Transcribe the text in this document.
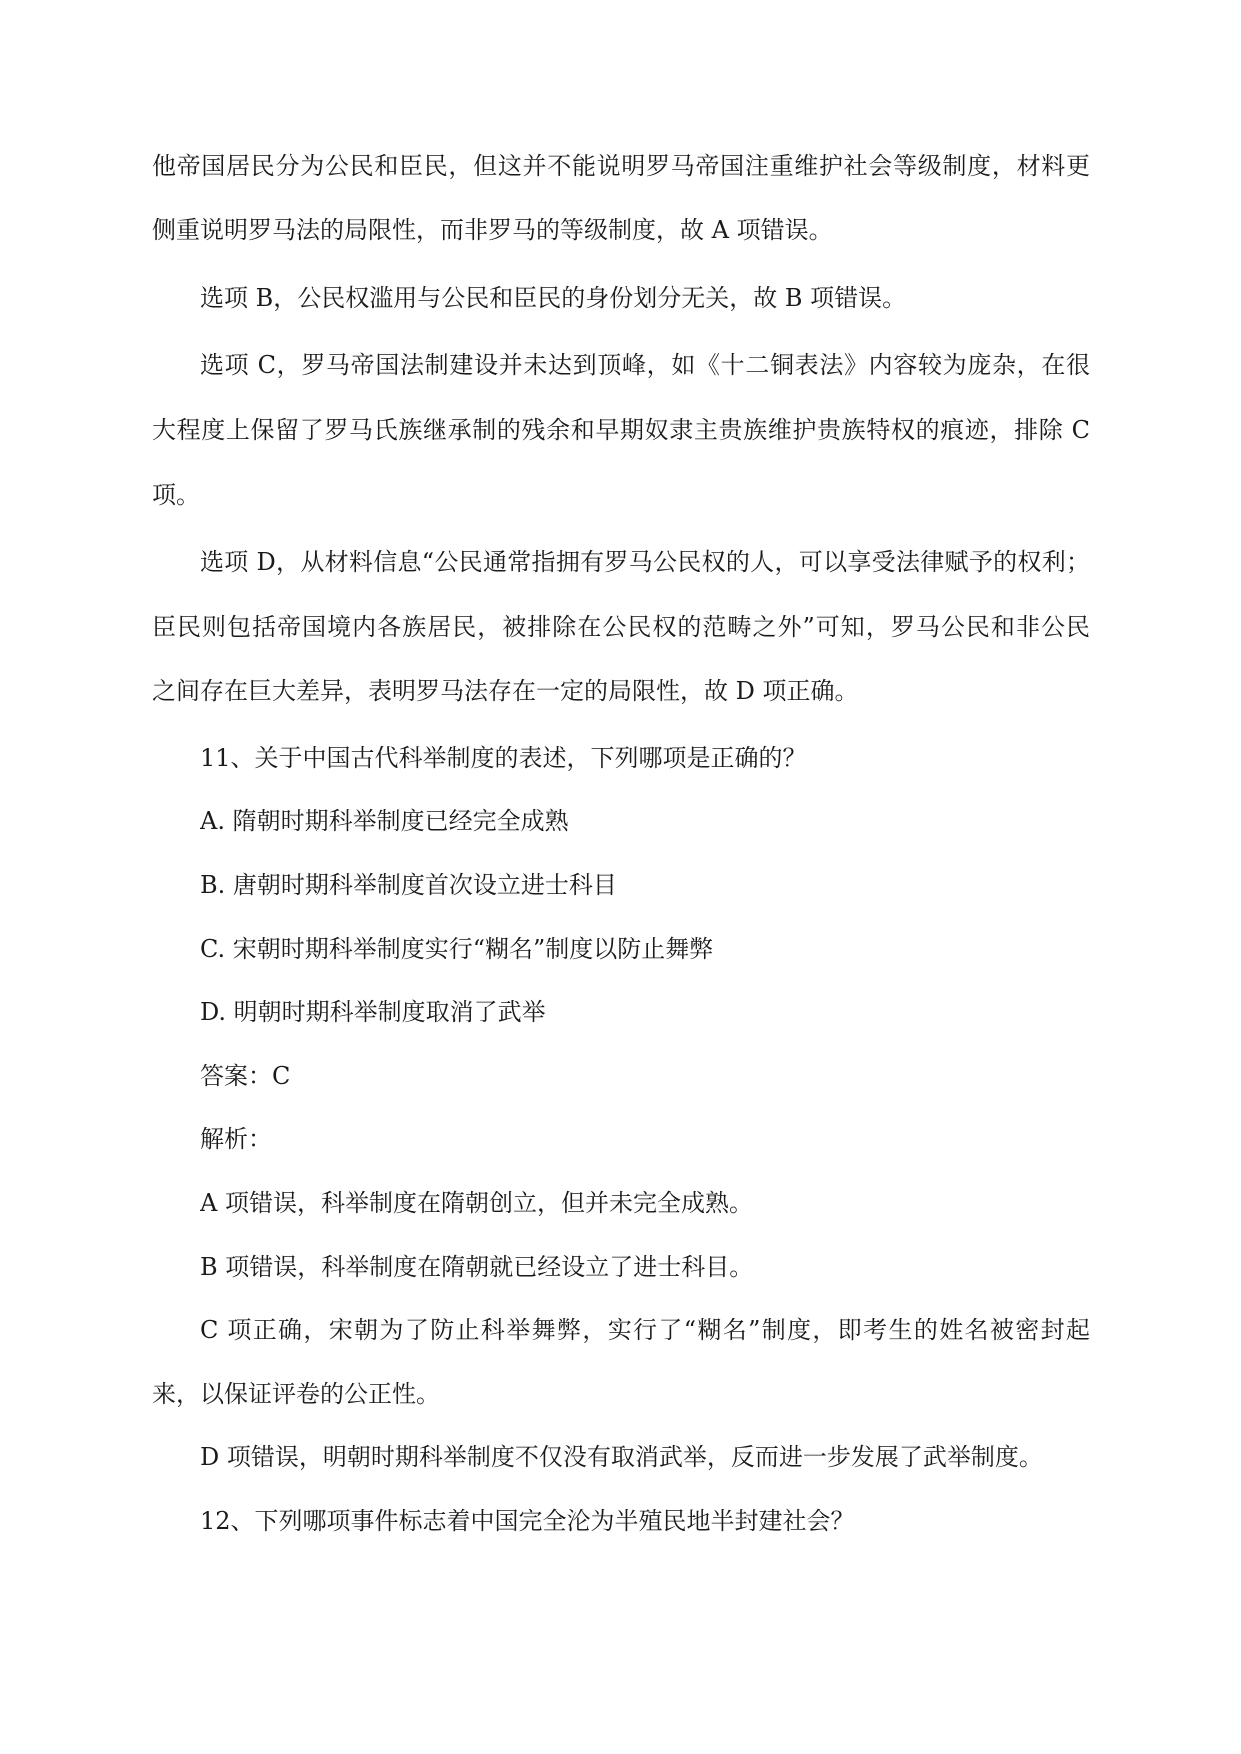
他帝国居民分为公民和臣民，但这并不能说明罗马帝国注重维护社会等级制度，材料更
侧重说明罗马法的局限性，而非罗马的等级制度，故 A 项错误。
选项 B，公民权滥用与公民和臣民的身份划分无关，故 B 项错误。
选项 C，罗马帝国法制建设并未达到顶峰，如《十二铜表法》内容较为庞杂，在很
大程度上保留了罗马氏族继承制的残余和早期奴隶主贵族维护贵族特权的痕迹，排除 C
项。
选项 D，从材料信息“公民通常指拥有罗马公民权的人，可以享受法律赋予的权利；
臣民则包括帝国境内各族居民，被排除在公民权的范畴之外”可知，罗马公民和非公民
之间存在巨大差异，表明罗马法存在一定的局限性，故 D 项正确。
11、关于中国古代科举制度的表述，下列哪项是正确的？
A. 隋朝时期科举制度已经完全成熟
B. 唐朝时期科举制度首次设立进士科目
C. 宋朝时期科举制度实行“糊名”制度以防止舞弊
D. 明朝时期科举制度取消了武举
答案：C
解析：
A 项错误，科举制度在隋朝创立，但并未完全成熟。
B 项错误，科举制度在隋朝就已经设立了进士科目。
C 项正确，宋朝为了防止科举舞弊，实行了“糊名”制度，即考生的姓名被密封起
来，以保证评卷的公正性。
D 项错误，明朝时期科举制度不仅没有取消武举，反而进一步发展了武举制度。
12、下列哪项事件标志着中国完全沦为半殖民地半封建社会？
